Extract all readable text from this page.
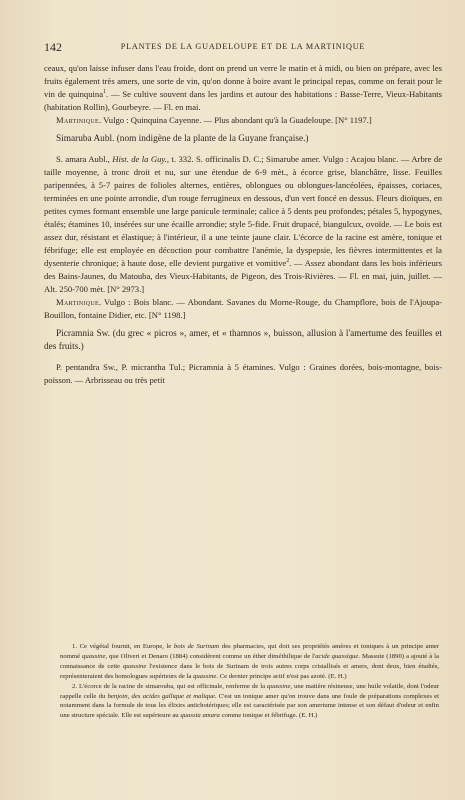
142	PLANTES DE LA GUADELOUPE ET DE LA MARTINIQUE

ceaux, qu'on laisse infuser dans l'eau froide, dont on prend un verre le matin et à midi, ou bien on prépare, avec les fruits également très amers, une sorte de vin, qu'on donne à boire avant le principal repas, comme on ferait pour le vin de quinquina$^1$. — Se cultive souvent dans les jardins et autour des habitations : Basse-Terre, Vieux-Habitants (habitation Rollin), Gourbeyre. — Fl. en mai.

Martinique. Vulgo : Quinquina Cayenne. — Plus abondant qu'à la Guadeloupe. [N° 1197.]

Simaruba Aubl. (nom indigène de la plante de la Guyane française.)

S. amara Aubl., Hist. de la Guy., t. 332. S. officinalis D. C.; Simarube amer. Vulgo : Acajou blanc. — Arbre de taille moyenne, à tronc droit et nu, sur une étendue de 6-9 mèt., à écorce grise, blanchâtre, lisse. Feuilles paripennées, à 5-7 paires de folioles alternes, entières, oblongues ou oblongues-lancéolées, épaisses, coriaces, terminées en une pointe arrondie, d'un rouge ferrugineux en dessous, d'un vert foncé en dessus. Fleurs dioïques, en petites cymes formant ensemble une large panicule terminale; calice à 5 dents peu profondes; pétales 5, hypogynes, étalés; étamines 10, insérées sur une écaille arrondie; style 5-fide. Fruit drupacé, biangulcux, ovoïde. — Le bois est assez dur, résistant et élastique; à l'intérieur, il a une teinte jaune clair. L'écorce de la racine est amère, tonique et fébrifuge; elle est employée en décoction pour combattre l'anémie, la dyspepsie, les fièvres intermittentes et la dysenterie chronique; à haute dose, elle devient purgative et vomitive$^2$. — Assez abondant dans les bois inférieurs des Bains-Jaunes, du Matouba, des Vieux-Habitants, de Pigeon, des Trois-Rivières. — Fl. en mai, juin, juillet. — Alt. 250-700 mèt. [N° 2973.]

Martinique. Vulgo : Bois blanc. — Abondant. Savanes du Morne-Rouge, du Champflore, bois de l'Ajoupa-Bouillon, fontaine Didier, etc. [N° 1198.]

Picramnia Sw. (du grec « picros », amer, et « thamnos », buisson, allusion à l'amertume des feuilles et des fruits.)

P. pentandra Sw., P. micrantha Tul.; Picramnia à 5 étamines. Vulgo : Graines dorées, bois-montagne, bois-poisson. — Arbrisseau ou très petit

1. Ce végétal fournit, en Europe, le bois de Surinam des pharmacies, qui doit ses propriétés amères et toniques à un principe amer nommé quassine, que Oliveri et Denaro (1884) considèrent comme un éther diméthilique de l'acide quassique. Massute (1890) a ajouté à la connaissance de cette quassine l'existence dans le bois de Surinam de trois autres corps cristallisés et amers, dont deux, bien étudiés, représenteraient des homologues supérieurs de la quassine. Ce dernier principe actif n'est pas azoté. (E. H.)

2. L'écorce de la racine de simarouba, qui est officinale, renferme de la quassine, une matière résineuse, une huile volatile, dont l'odeur rappelle celle du benjoin, des acides gallique et malique. C'est un tonique amer qu'on trouve dans une foule de préparations complexes et notamment dans la formule de tous les élixirs antichotériques; elle est caractérisée par son amertume intense et son défaut d'odeur et enfin une structure spéciale. Elle est supérieure au quassia amara comme tonique et fébrifuge. (E. H.)
